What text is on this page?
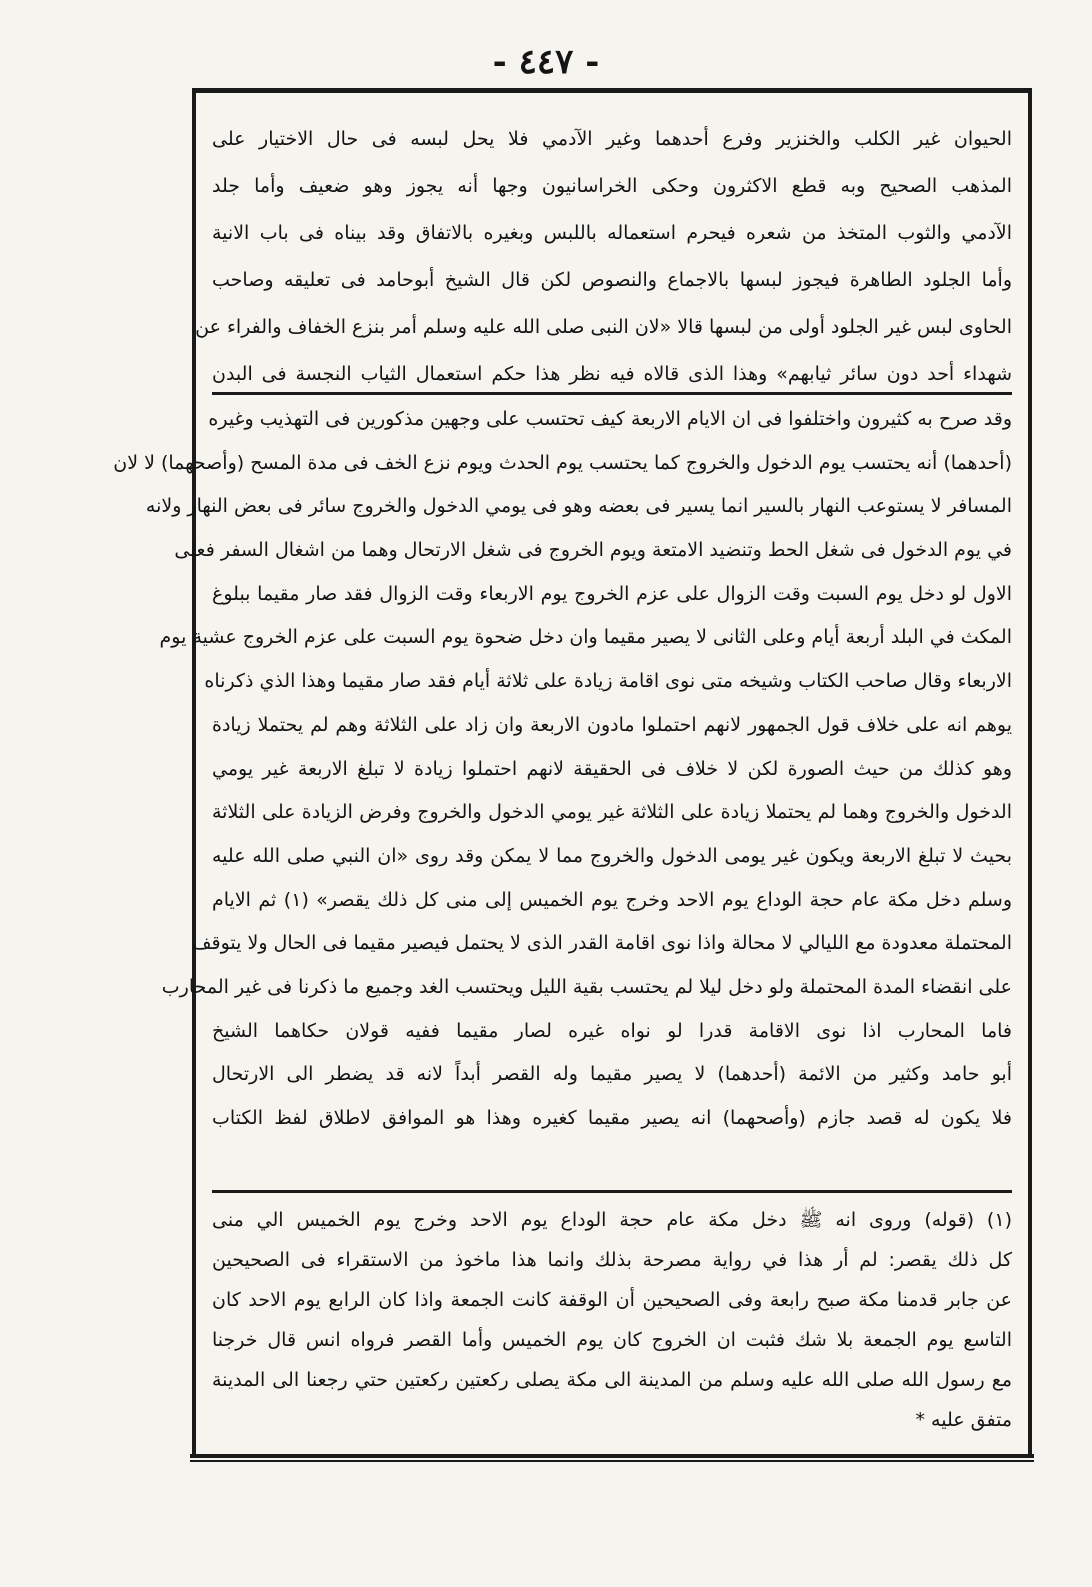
- ٤٤٧ -
الحيوان غير الكلب والخنزير وفرع أحدهما وغير الآدمي فلا يحل لبسه فى حال الاختيار على
المذهب الصحيح وبه قطع الاكثرون وحكى الخراسانيون وجها أنه يجوز وهو ضعيف وأما جلد
الآدمي والثوب المتخذ من شعره فيحرم استعماله باللبس وبغيره بالاتفاق وقد بيناه فى باب الانية
وأما الجلود الطاهرة فيجوز لبسها بالاجماع والنصوص لكن قال الشيخ أبوحامد فى تعليقه وصاحب
الحاوى لبس غير الجلود أولى من لبسها قالا «لان النبى صلى الله عليه وسلم أمر بنزع الخفاف والفراء عن
شهداء أحد دون سائر ثيابهم» وهذا الذى قالاه فيه نظر هذا حكم استعمال الثياب النجسة فى البدن
وقد صرح به كثيرون واختلفوا فى ان الايام الاربعة كيف تحتسب على وجهين مذكورين فى التهذيب وغيره
(أحدهما) أنه يحتسب يوم الدخول والخروج كما يحتسب يوم الحدث ويوم نزع الخف فى مدة المسح (وأصحهما) لا لان
المسافر لا يستوعب النهار بالسير انما يسير فى بعضه وهو فى يومي الدخول والخروج سائر فى بعض النهار ولانه
في يوم الدخول فى شغل الحط وتنضيد الامتعة ويوم الخروج فى شغل الارتحال وهما من اشغال السفر فعلى
الاول لو دخل يوم السبت وقت الزوال على عزم الخروج يوم الاربعاء وقت الزوال فقد صار مقيما ببلوغ
المكث في البلد أربعة أيام وعلى الثانى لا يصير مقيما وان دخل ضحوة يوم السبت على عزم الخروج عشية يوم
الاربعاء وقال صاحب الكتاب وشيخه متى نوى اقامة زيادة على ثلاثة أيام فقد صار مقيما وهذا الذي ذكرناه
يوهم انه على خلاف قول الجمهور لانهم احتملوا مادون الاربعة وان زاد على الثلاثة وهم لم يحتملا زيادة
وهو كذلك من حيث الصورة لكن لا خلاف فى الحقيقة لانهم احتملوا زيادة لا تبلغ الاربعة غير يومي
الدخول والخروج وهما لم يحتملا زيادة على الثلاثة غير يومي الدخول والخروج وفرض الزيادة على الثلاثة
بحيث لا تبلغ الاربعة ويكون غير يومى الدخول والخروج مما لا يمكن وقد روى «ان النبي صلى الله عليه
وسلم دخل مكة عام حجة الوداع يوم الاحد وخرج يوم الخميس إلى منى كل ذلك يقصر» (١) ثم الايام
المحتملة معدودة مع الليالي لا محالة واذا نوى اقامة القدر الذى لا يحتمل فيصير مقيما فى الحال ولا يتوقف
على انقضاء المدة المحتملة ولو دخل ليلا لم يحتسب بقية الليل ويحتسب الغد وجميع ما ذكرنا فى غير المحارب
فاما المحارب اذا نوى الاقامة قدرا لو نواه غيره لصار مقيما ففيه قولان حكاهما الشيخ
أبو حامد وكثير من الائمة (أحدهما) لا يصير مقيما وله القصر أبداً لانه قد يضطر الى الارتحال
فلا يكون له قصد جازم (وأصحهما) انه يصير مقيما كغيره وهذا هو الموافق لاطلاق لفظ الكتاب
(١) (قوله) وروى انه ﷺ دخل مكة عام حجة الوداع يوم الاحد وخرج يوم الخميس الي منى
كل ذلك يقصر: لم أر هذا في رواية مصرحة بذلك وانما هذا ماخوذ من الاستقراء فى الصحيحين
عن جابر قدمنا مكة صبح رابعة وفى الصحيحين أن الوقفة كانت الجمعة واذا كان الرابع يوم الاحد كان
التاسع يوم الجمعة بلا شك فثبت ان الخروج كان يوم الخميس وأما القصر فرواه انس قال خرجنا
مع رسول الله صلى الله عليه وسلم من المدينة الى مكة يصلى ركعتين ركعتين حتي رجعنا الى المدينة
متفق عليه *
